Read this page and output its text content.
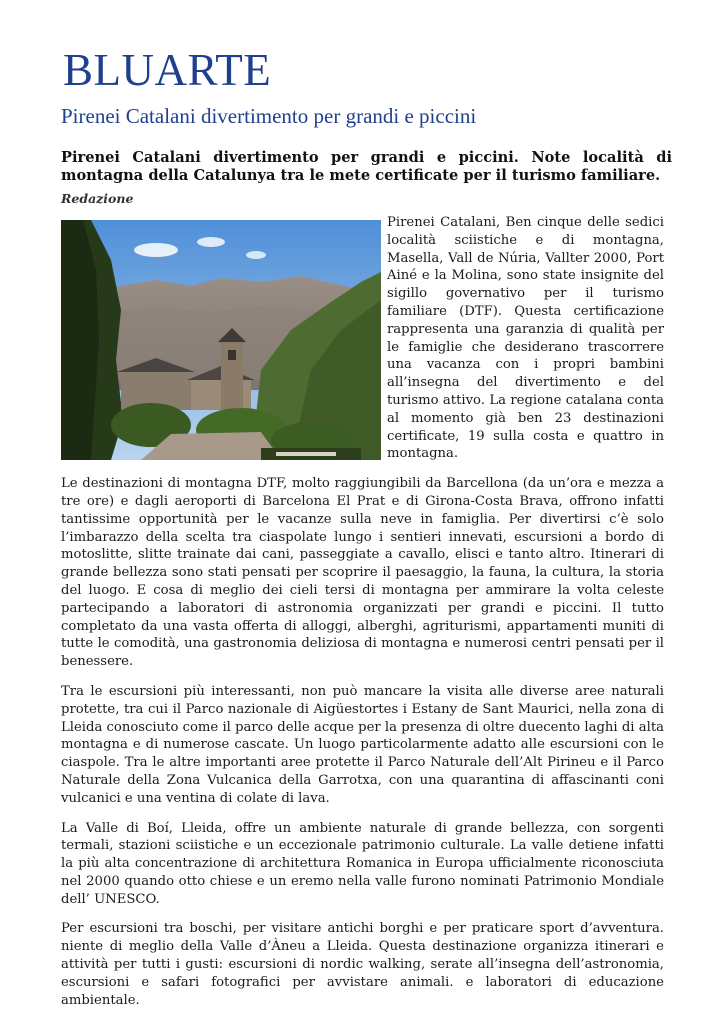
BLUARTE
Pirenei Catalani divertimento per grandi e piccini
Pirenei Catalani divertimento per grandi e piccini. Note località di montagna della Catalunya tra le mete certificate per il turismo familiare.
Redazione

Pirenei Catalani, Ben cinque delle sedici località sciistiche e di montagna, Masella, Vall de Núria, Vallter 2000, Port Ainé e la Molina, sono state insignite del sigillo governativo per il turismo familiare (DTF). Questa certificazione rappresenta una garanzia di qualità per le famiglie che desiderano trascorrere una vacanza con i propri bambini all’insegna del divertimento e del turismo attivo. La regione catalana conta al momento già ben 23 destinazioni certificate, 19 sulla costa e quattro in montagna.

Le destinazioni di montagna DTF, molto raggiungibili da Barcellona (da un’ora e mezza a tre ore) e dagli aeroporti di Barcelona El Prat e di Girona-Costa Brava, offrono infatti tantissime opportunità per le vacanze sulla neve in famiglia. Per divertirsi c’è solo l’imbarazzo della scelta tra ciaspolate lungo i sentieri innevati, escursioni a bordo di motoslitte, slitte trainate dai cani, passeggiate a cavallo, elisci e tanto altro. Itinerari di grande bellezza sono stati pensati per scoprire il paesaggio, la fauna, la cultura, la storia del luogo. E cosa di meglio dei cieli tersi di montagna per ammirare la volta celeste partecipando a laboratori di astronomia organizzati per grandi e piccini. Il tutto completato da una vasta offerta di alloggi, alberghi, agriturismi, appartamenti muniti di tutte le comodità, una gastronomia deliziosa di montagna e numerosi centri pensati per il benessere.

Tra le escursioni più interessanti, non può mancare la visita alle diverse aree naturali protette, tra cui il Parco nazionale di Aigüestortes i Estany de Sant Maurici, nella zona di Lleida conosciuto come il parco delle acque per la presenza di oltre duecento laghi di alta montagna e di numerose cascate. Un luogo particolarmente adatto alle escursioni con le ciaspole. Tra le altre importanti aree protette il Parco Naturale dell’Alt Pirineu e il Parco Naturale della Zona Vulcanica della Garrotxa, con una quarantina di affascinanti coni vulcanici e una ventina di colate di lava.

La Valle di Boí, Lleida, offre un ambiente naturale di grande bellezza, con sorgenti termali, stazioni sciistiche e un eccezionale patrimonio culturale. La valle detiene infatti la più alta concentrazione di architettura Romanica in Europa ufficialmente riconosciuta nel 2000 quando otto chiese e un eremo nella valle furono nominati Patrimonio Mondiale dell’ UNESCO.

Per escursioni tra boschi, per visitare antichi borghi e per praticare sport d’avventura. niente di meglio della Valle d’Àneu a Lleida. Questa destinazione organizza itinerari e attività per tutti i gusti: escursioni di nordic walking, serate all’insegna dell’astronomia, escursioni e safari fotografici per avvistare animali. e laboratori di educazione ambientale.
